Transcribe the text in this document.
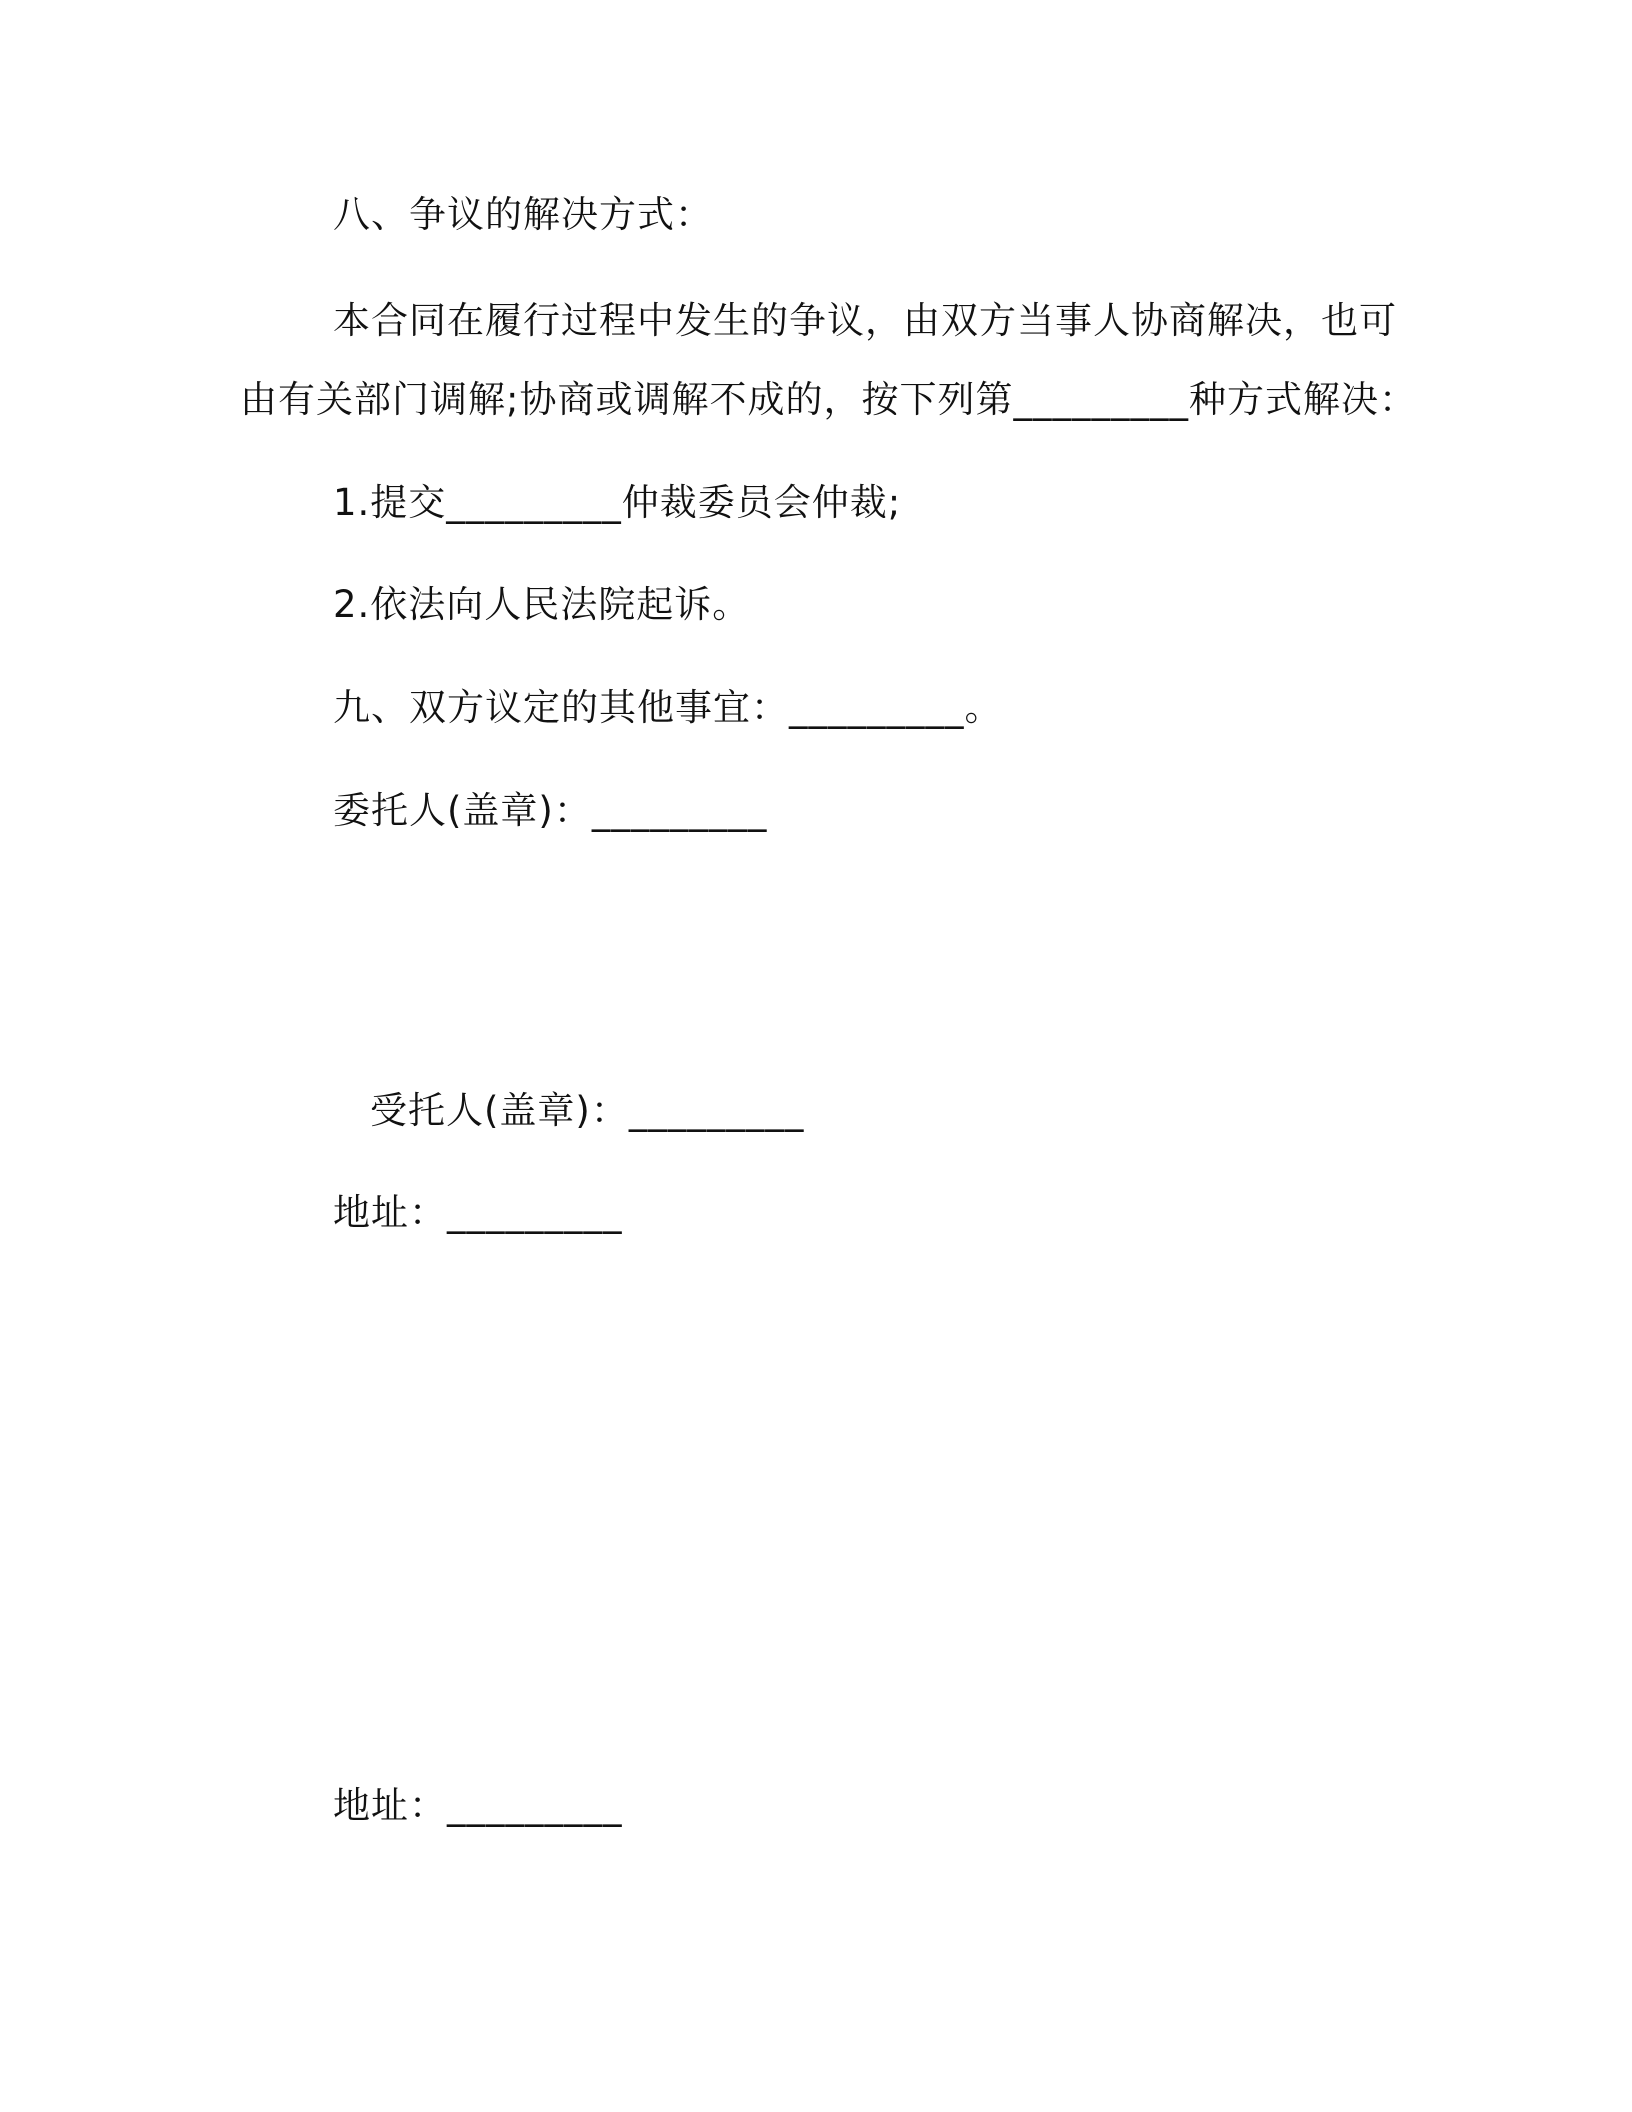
八、争议的解决方式：
本合同在履行过程中发生的争议，由双方当事人协商解决，也可
由有关部门调解;协商或调解不成的，按下列第_________种方式解决：
1.提交_________仲裁委员会仲裁;
2.依法向人民法院起诉。
九、双方议定的其他事宜：_________。
委托人(盖章)：_________
受托人(盖章)：_________
地址：_________
地址：_________
